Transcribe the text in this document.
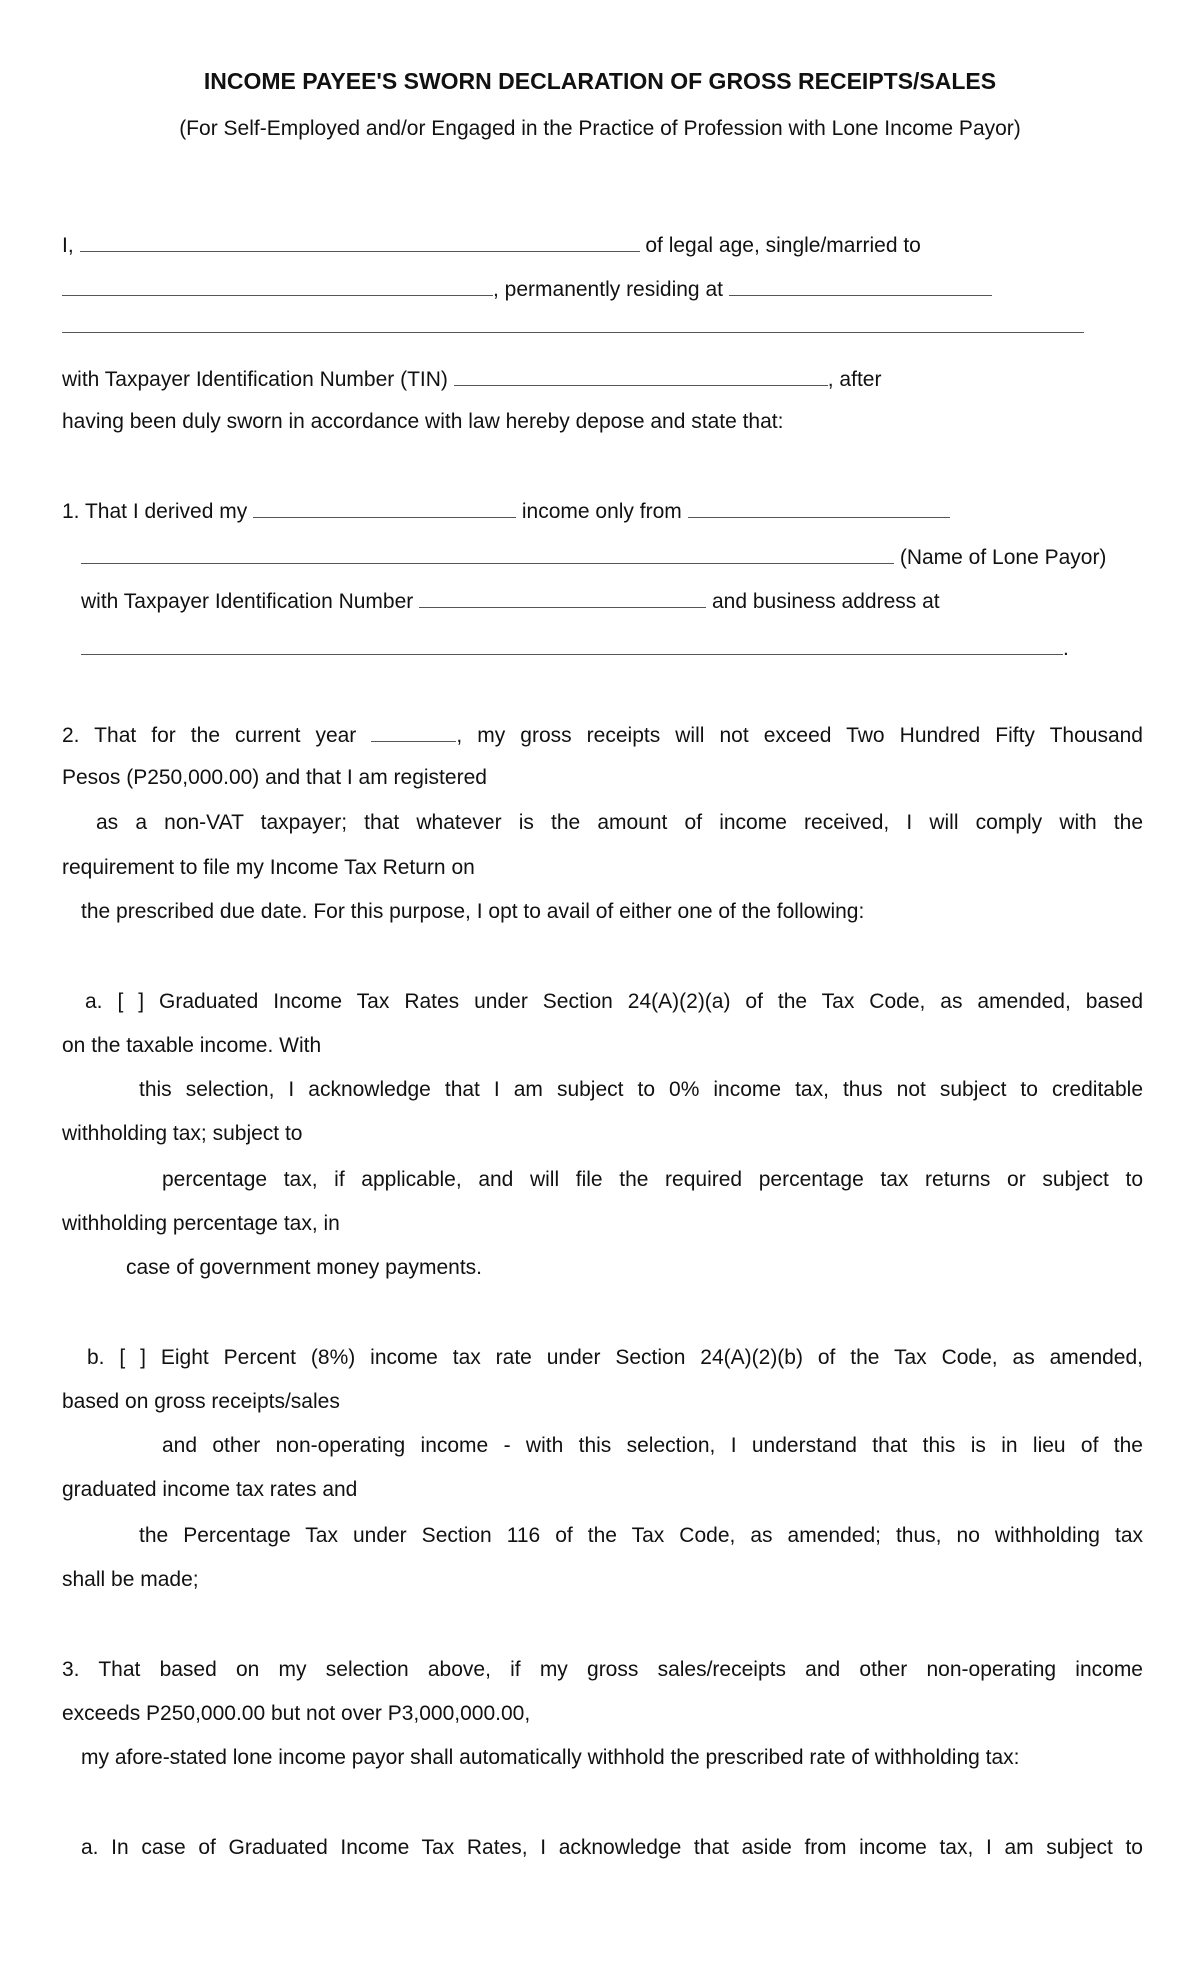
INCOME PAYEE'S SWORN DECLARATION OF GROSS RECEIPTS/SALES
(For Self-Employed and/or Engaged in the Practice of Profession with Lone Income Payor)
I,	of legal age, single/married to
, permanently residing at
with Taxpayer Identification Number (TIN)	, after
having been duly sworn in accordance with law hereby depose and state that:
1. That I derived my	income only from
(Name of Lone Payor)
with Taxpayer Identification Number	and business address at
.
2. That for the current year	, my gross receipts will not exceed Two Hundred Fifty Thousand
Pesos (P250,000.00) and that I am registered
as a non-VAT taxpayer; that whatever is the amount of income received, I will comply with the
requirement to file my Income Tax Return on
the prescribed due date. For this purpose, I opt to avail of either one of the following:
a. [ ] Graduated Income Tax Rates under Section 24(A)(2)(a) of the Tax Code, as amended, based
on the taxable income. With
this selection, I acknowledge that I am subject to 0% income tax, thus not subject to creditable
withholding tax; subject to
percentage tax, if applicable, and will file the required percentage tax returns or subject to
withholding percentage tax, in
case of government money payments.
b. [ ] Eight Percent (8%) income tax rate under Section 24(A)(2)(b) of the Tax Code, as amended,
based on gross receipts/sales
and other non-operating income - with this selection, I understand that this is in lieu of the
graduated income tax rates and
the Percentage Tax under Section 116 of the Tax Code, as amended; thus, no withholding tax
shall be made;
3. That based on my selection above, if my gross sales/receipts and other non-operating income
exceeds P250,000.00 but not over P3,000,000.00,
my afore-stated lone income payor shall automatically withhold the prescribed rate of withholding tax:
a. In case of Graduated Income Tax Rates, I acknowledge that aside from income tax, I am subject to
